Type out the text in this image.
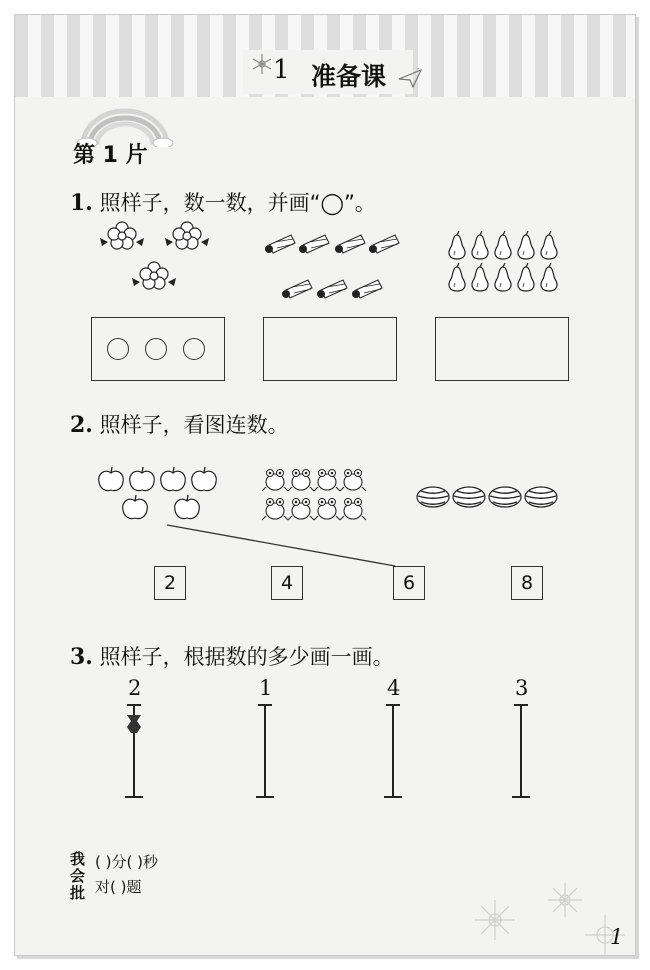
1 准备课
第 1 片
1. 照样子，数一数，并画“◯”。
2. 照样子，看图连数。
2	4	6	8
3. 照样子，根据数的多少画一画。
2	1	4	3
我会批
( )分( )秒
对( )题
1
